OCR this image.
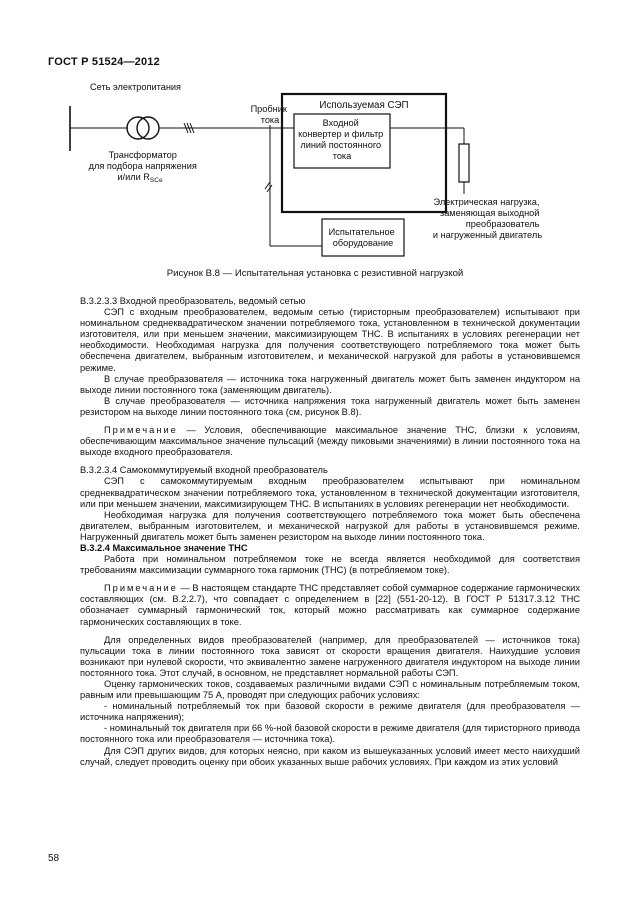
ГОСТ Р 51524—2012
Сеть электропитания
Трансформатор для подбора напряжения и/или $R_{SCe}$
Пробник тока
Используемая СЭП
Входной конвертер и фильтр линий постоянного тока
Электрическая нагрузка, заменяющая выходной преобразователь и нагруженный двигатель
Испытательное оборудование
Рисунок В.8 — Испытательная установка с резистивной нагрузкой

В.3.2.3.3 Входной преобразователь, ведомый сетью

СЭП с входным преобразователем, ведомым сетью (тиристорным преобразователем) испытывают при номинальном среднеквадратическом значении потребляемого тока, установленном в технической документации изготовителя, или при меньшем значении, максимизирующем THC. В испытаниях в условиях регенерации нет необходимости. Необходимая нагрузка для получения соответствующего потребляемого тока может быть обеспечена двигателем, выбранным изготовителем, и механической нагрузкой для работы в установившемся режиме.

В случае преобразователя — источника тока нагруженный двигатель может быть заменен индуктором на выходе линии постоянного тока (заменяющим двигатель).

В случае преобразователя — источника напряжения тока нагруженный двигатель может быть заменен резистором на выходе линии постоянного тока (см, рисунок В.8).

Примечание — Условия, обеспечивающие максимальное значение THC, близки к условиям, обеспечивающим максимальное значение пульсаций (между пиковыми значениями) в линии постоянного тока на выходе входного преобразователя.

В.3.2.3.4 Самокоммутируемый входной преобразователь

СЭП с самокоммутируемым входным преобразователем испытывают при номинальном среднеквадратическом значении потребляемого тока, установленном в технической документации изготовителя, или при меньшем значении, максимизирующем THC. В испытаниях в условиях регенерации нет необходимости.

Необходимая нагрузка для получения соответствующего потребляемого тока может быть обеспечена двигателем, выбранным изготовителем, и механической нагрузкой для работы в установившемся режиме. Нагруженный двигатель может быть заменен резистором на выходе линии постоянного тока.

В.3.2.4 Максимальное значение THC

Работа при номинальном потребляемом токе не всегда является необходимой для соответствия требованиям максимизации суммарного тока гармоник (THC) (в потребляемом токе).

Примечание — В настоящем стандарте THC представляет собой суммарное содержание гармонических составляющих (см. В.2.2.7), что совпадает с определением в [22] (551-20-12). В ГОСТ Р 51317.3.12 THC обозначает суммарный гармонический ток, который можно рассматривать как суммарное содержание гармонических составляющих в токе.

Для определенных видов преобразователей (например, для преобразователей — источников тока) пульсации тока в линии постоянного тока зависят от скорости вращения двигателя. Наихудшие условия возникают при нулевой скорости, что эквивалентно замене нагруженного двигателя индуктором на выходе линии постоянного тока. Этот случай, в основном, не представляет нормальной работы СЭП.

Оценку гармонических токов, создаваемых различными видами СЭП с номинальным потребляемым током, равным или превышающим 75 А, проводят при следующих рабочих условиях:

- номинальный потребляемый ток при базовой скорости в режиме двигателя (для преобразователя — источника напряжения);

- номинальный ток двигателя при 66 %-ной базовой скорости в режиме двигателя (для тиристорного привода постоянного тока или преобразователя — источника тока).

Для СЭП других видов, для которых неясно, при каком из вышеуказанных условий имеет место наихудший случай, следует проводить оценку при обоих указанных выше рабочих условиях. При каждом из этих условий

58
